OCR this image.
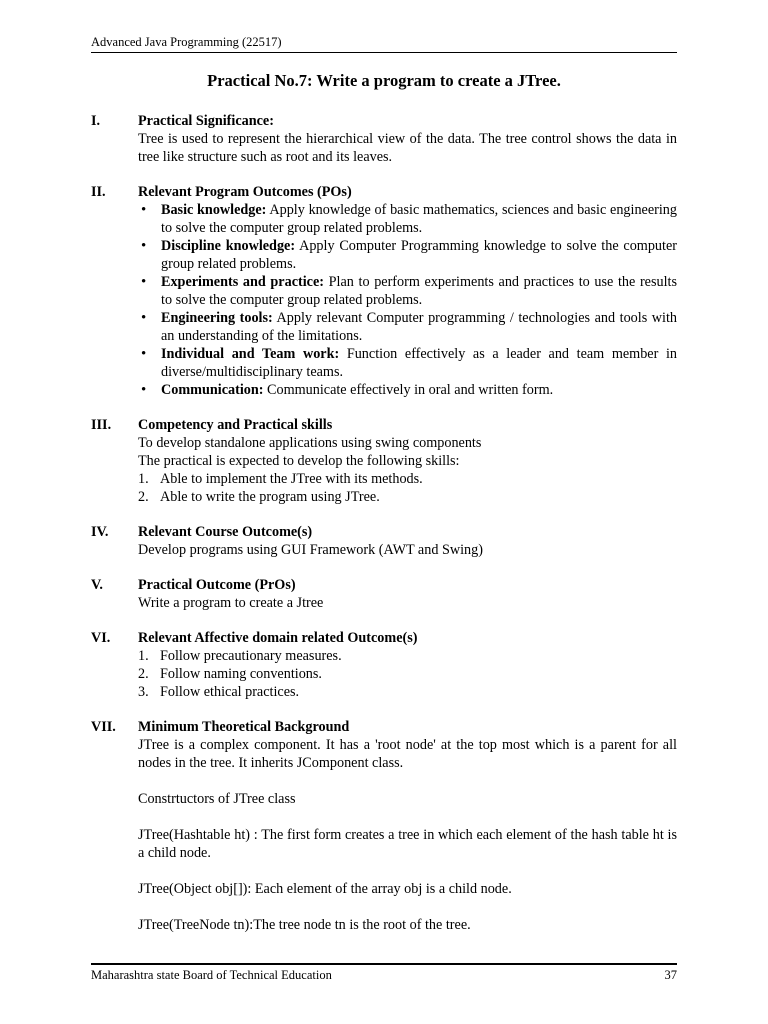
Advanced Java Programming (22517)
Practical No.7: Write a program to create a JTree.
I.	Practical Significance:

Tree is used to represent the hierarchical view of the data. The tree control shows the data in tree like structure such as root and its leaves.

II.	Relevant Program Outcomes (POs)

• Basic knowledge: Apply knowledge of basic mathematics, sciences and basic engineering to solve the computer group related problems.
• Discipline knowledge: Apply Computer Programming knowledge to solve the computer group related problems.
• Experiments and practice: Plan to perform experiments and practices to use the results to solve the computer group related problems.
• Engineering tools: Apply relevant Computer programming / technologies and tools with an understanding of the limitations.
• Individual and Team work: Function effectively as a leader and team member in diverse/multidisciplinary teams.
• Communication: Communicate effectively in oral and written form.
III.	Competency and Practical skills

To develop standalone applications using swing components

The practical is expected to develop the following skills:

1. Able to implement the JTree with its methods.
2. Able to write the program using JTree.
IV.	Relevant Course Outcome(s)

Develop programs using GUI Framework (AWT and Swing)

V.	Practical Outcome (PrOs)

Write a program to create a Jtree

VI.	Relevant Affective domain related Outcome(s)

1. Follow precautionary measures.
2. Follow naming conventions.
3. Follow ethical practices.
VII.	Minimum Theoretical Background

JTree is a complex component. It has a 'root node' at the top most which is a parent for all nodes in the tree. It inherits JComponent class.

Constrtuctors of JTree class

JTree(Hashtable ht) : The first form creates a tree in which each element of the hash table ht is a child node.

JTree(Object obj[]): Each element of the array obj is a child node.

JTree(TreeNode tn):The tree node tn is the root of the tree.

Maharashtra state Board of Technical Education	37
